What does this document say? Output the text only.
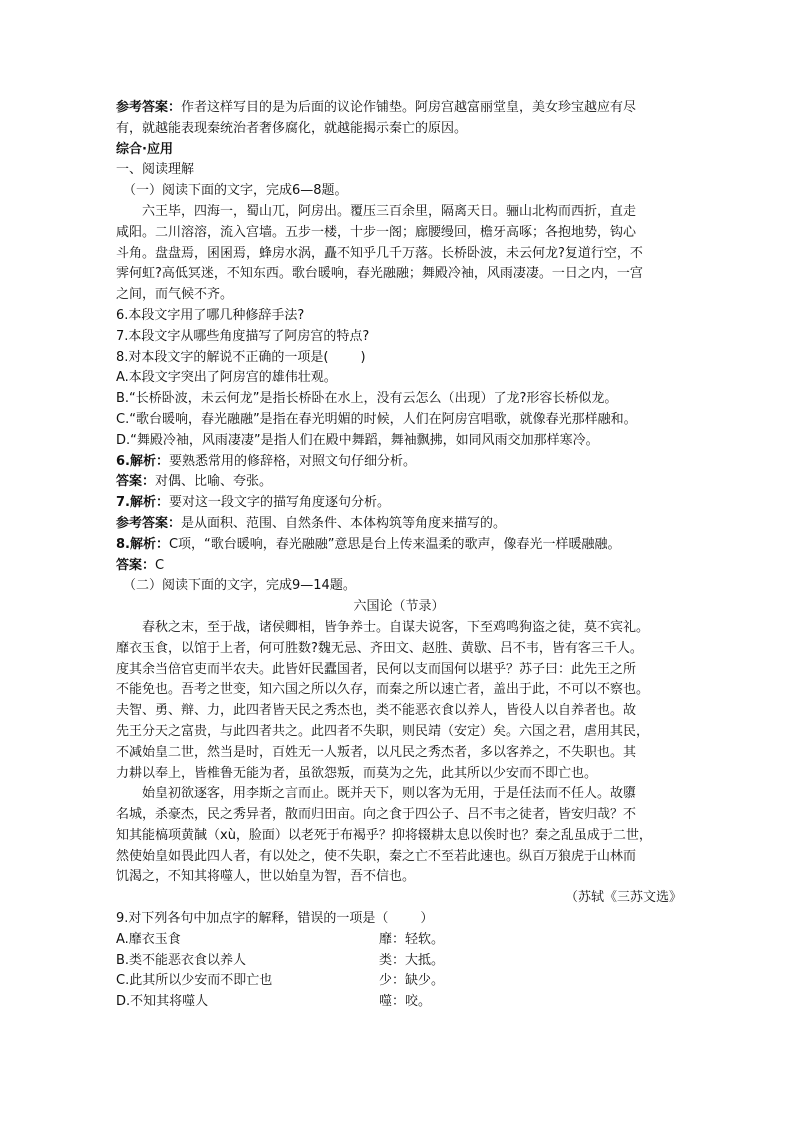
参考答案：作者这样写目的是为后面的议论作铺垫。阿房宫越富丽堂皇，美女珍宝越应有尽
有，就越能表现秦统治者奢侈腐化，就越能揭示秦亡的原因。
综合·应用
一、阅读理解
（一）阅读下面的文字，完成6—8题。
六王毕，四海一，蜀山兀，阿房出。覆压三百余里，隔离天日。骊山北构而西折，直走
咸阳。二川溶溶，流入宫墙。五步一楼，十步一阁；廊腰缦回，檐牙高啄；各抱地势，钩心
斗角。盘盘焉，囷囷焉，蜂房水涡，矗不知乎几千万落。长桥卧波，未云何龙?复道行空，不
霁何虹?高低冥迷，不知东西。歌台暖响，春光融融；舞殿冷袖，风雨凄凄。一日之内，一宫
之间，而气候不齐。
6.本段文字用了哪几种修辞手法?
7.本段文字从哪些角度描写了阿房宫的特点?
8.对本段文字的解说不正确的一项是( )
A.本段文字突出了阿房宫的雄伟壮观。
B.“长桥卧波，未云何龙”是指长桥卧在水上，没有云怎么（出现）了龙?形容长桥似龙。
C.“歌台暖响，春光融融”是指在春光明媚的时候，人们在阿房宫唱歌，就像春光那样融和。
D.“舞殿冷袖，风雨凄凄”是指人们在殿中舞蹈，舞袖飘拂，如同风雨交加那样寒冷。
6.解析：要熟悉常用的修辞格，对照文句仔细分析。
答案：对偶、比喻、夸张。
7.解析：要对这一段文字的描写角度逐句分析。
参考答案：是从面积、范围、自然条件、本体构筑等角度来描写的。
8.解析：C项，“歌台暖响，春光融融”意思是台上传来温柔的歌声，像春光一样暖融融。
答案：C
（二）阅读下面的文字，完成9—14题。
六国论（节录）
春秋之末，至于战，诸侯卿相，皆争养士。自谋夫说客，下至鸡鸣狗盗之徒，莫不宾礼。
靡衣玉食，以馆于上者，何可胜数?魏无忌、齐田文、赵胜、黄歇、吕不韦，皆有客三千人。
度其余当倍官吏而半农夫。此皆奸民蠹国者，民何以支而国何以堪乎？苏子曰：此先王之所
不能免也。吾考之世变，知六国之所以久存，而秦之所以速亡者，盖出于此，不可以不察也。
夫智、勇、辩、力，此四者皆天民之秀杰也，类不能恶衣食以养人，皆役人以自养者也。故
先王分天之富贵，与此四者共之。此四者不失职，则民靖（安定）矣。六国之君，虐用其民，
不减始皇二世，然当是时，百姓无一人叛者，以凡民之秀杰者，多以客养之，不失职也。其
力耕以奉上，皆椎鲁无能为者，虽欲怨叛，而莫为之先，此其所以少安而不即亡也。
始皇初欲逐客，用李斯之言而止。既并天下，则以客为无用，于是任法而不任人。故隳
名城，杀豪杰，民之秀异者，散而归田亩。向之食于四公子、吕不韦之徒者，皆安归哉？不
知其能槁项黄馘（xù，脸面）以老死于布褐乎？抑将辍耕太息以俟时也？秦之乱虽成于二世，
然使始皇如畏此四人者，有以处之，使不失职，秦之亡不至若此速也。纵百万狼虎于山林而
饥渴之，不知其将噬人，世以始皇为智，吾不信也。
（苏轼《三苏文选》
9.对下列各句中加点字的解释，错误的一项是（ ）
A.靡衣玉食	靡：轻软。
B.类不能恶衣食以养人	类：大抵。
C.此其所以少安而不即亡也	少：缺少。
D.不知其将噬人	噬：咬。
